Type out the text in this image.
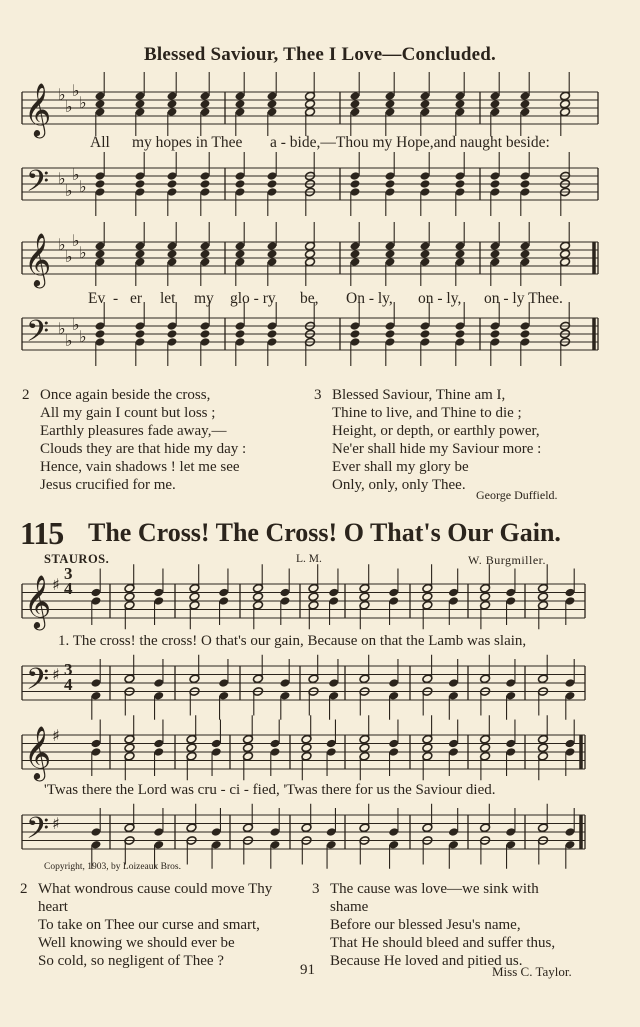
Blessed Saviour, Thee I Love—Concluded.
𝄞
𝄢
♭
♭
♭
♭
♭
♭
♭
♭
𝄞
𝄢
♭
♭
♭
♭
♭
♭
♭
♭
All my hopes in Thee a - bide,—Thou my Hope,and naught beside:
Ev - er let my glo - ry be, On - ly, on - ly, on - ly Thee.
2 Once again beside the cross,
All my gain I count but loss ;
Earthly pleasures fade away,—
Clouds they are that hide my day :
Hence, vain shadows ! let me see
Jesus crucified for me.
3 Blessed Saviour, Thine am I,
Thine to live, and Thine to die ;
Height, or depth, or earthly power,
Ne'er shall hide my Saviour more :
Ever shall my glory be
Only, only, only Thee.
George Duffield.
115 The Cross! The Cross! O That's Our Gain.
STAUROS.	L. M.	W. Burgmiller.
𝄞
𝄢
♯
♯
𝄞
𝄢
♯
♯
3
4
3
4
1. The cross! the cross! O that's our gain, Because on that the Lamb was slain,
'Twas there the Lord was cru - ci - fied, 'Twas there for us the Saviour died.
Copyright, 1903, by Loizeaux Bros.
2 What wondrous cause could move Thy
heart
To take on Thee our curse and smart,
Well knowing we should ever be
So cold, so negligent of Thee ?
3 The cause was love—we sink with
shame
Before our blessed Jesu's name,
That He should bleed and suffer thus,
Because He loved and pitied us.
91	Miss C. Taylor.
